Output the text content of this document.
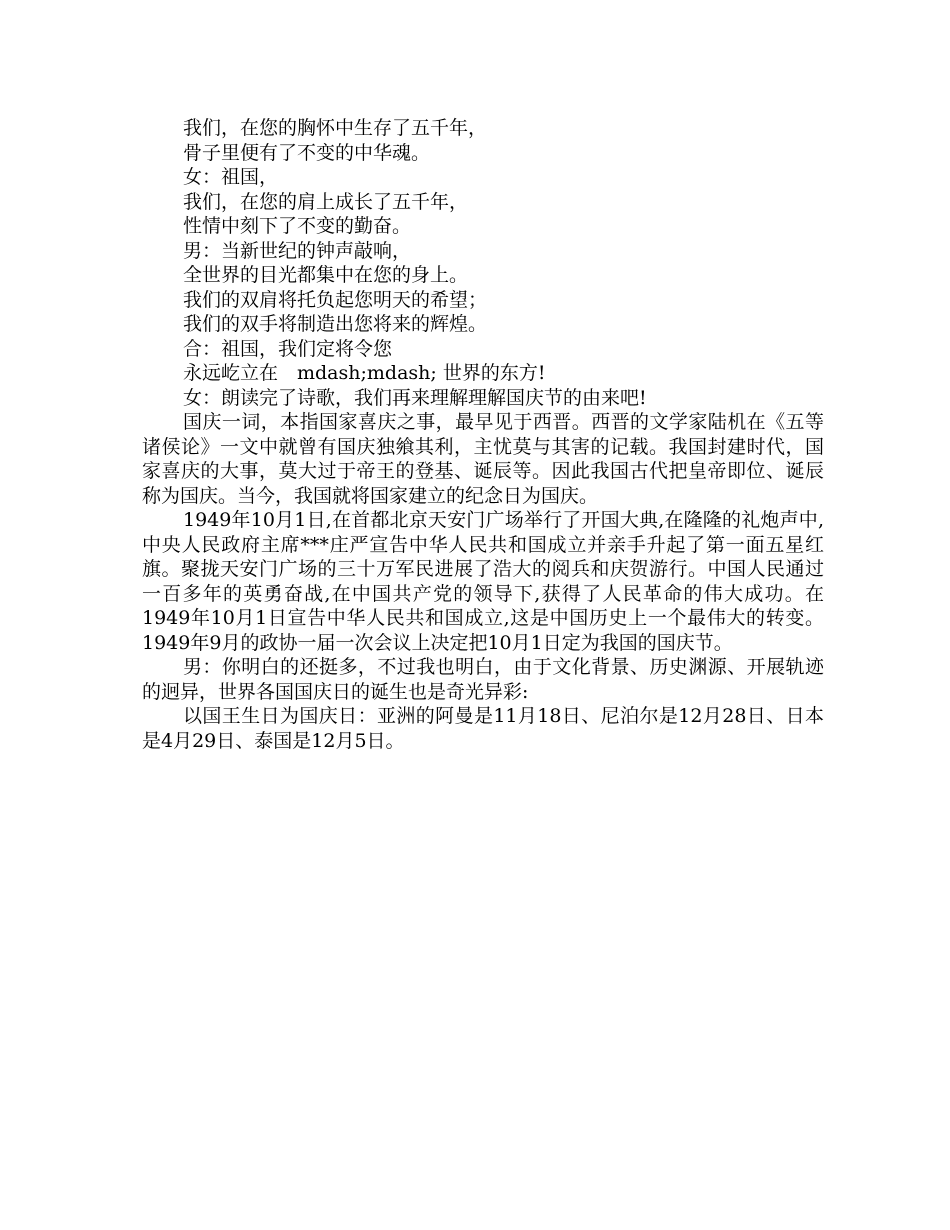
我们，在您的胸怀中生存了五千年，

骨子里便有了不变的中华魂。

女：祖国，

我们，在您的肩上成长了五千年，

性情中刻下了不变的勤奋。

男：当新世纪的钟声敲响，

全世界的目光都集中在您的身上。

我们的双肩将托负起您明天的希望；

我们的双手将制造出您将来的辉煌。

合：祖国，我们定将令您

永远屹立在　mdash;mdash; 世界的东方!

女：朗读完了诗歌，我们再来理解理解国庆节的由来吧!

国庆一词，本指国家喜庆之事，最早见于西晋。西晋的文学家陆机在《五等诸侯论》一文中就曾有国庆独飨其利，主忧莫与其害的记载。我国封建时代，国家喜庆的大事，莫大过于帝王的登基、诞辰等。因此我国古代把皇帝即位、诞辰称为国庆。当今，我国就将国家建立的纪念日为国庆。

1949年10月1日,在首都北京天安门广场举行了开国大典,在隆隆的礼炮声中,中央人民政府主席***庄严宣告中华人民共和国成立并亲手升起了第一面五星红旗。聚拢天安门广场的三十万军民进展了浩大的阅兵和庆贺游行。中国人民通过一百多年的英勇奋战,在中国共产党的领导下,获得了人民革命的伟大成功。在1949年10月1日宣告中华人民共和国成立,这是中国历史上一个最伟大的转变。1949年9月的政协一届一次会议上决定把10月1日定为我国的国庆节。

男：你明白的还挺多，不过我也明白，由于文化背景、历史渊源、开展轨迹的迥异，世界各国国庆日的诞生也是奇光异彩:

以国王生日为国庆日：亚洲的阿曼是11月18日、尼泊尔是12月28日、日本是4月29日、泰国是12月5日。
